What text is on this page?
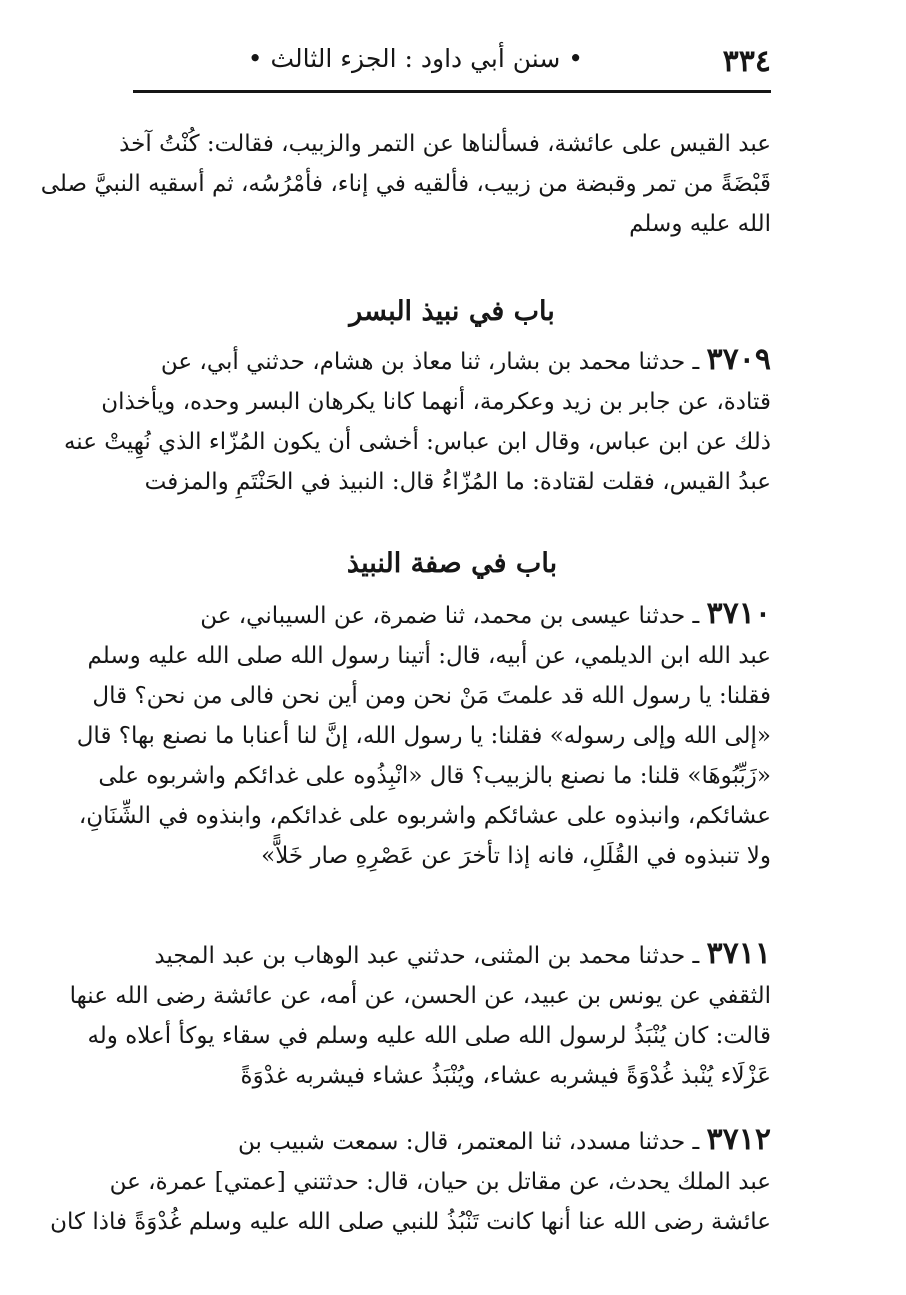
٣٣٤
• سنن أبي داود : الجزء الثالث •
عبد القيس على عائشة، فسألناها عن التمر والزبيب، فقالت: كُنْتُ آخذ
قَبْضَةً من تمر وقبضة من زبيب، فألقيه في إناء، فأمْرُسُه، ثم أسقيه النبيَّ صلى
الله عليه وسلم
باب في نبيذ البسر
٣٧٠٩ ـ حدثنا محمد بن بشار، ثنا معاذ بن هشام، حدثني أبي، عن
قتادة، عن جابر بن زيد وعكرمة، أنهما كانا يكرهان البسر وحده، ويأخذان
ذلك عن ابن عباس، وقال ابن عباس: أخشى أن يكون المُزّاء الذي نُهِيتْ عنه
عبدُ القيس، فقلت لقتادة: ما المُزّاءُ قال: النبيذ في الحَنْتَمِ والمزفت
باب في صفة النبيذ
٣٧١٠ ـ حدثنا عيسى بن محمد، ثنا ضمرة، عن السيباني، عن
عبد الله ابن الديلمي، عن أبيه، قال: أتينا رسول الله صلى الله عليه وسلم
فقلنا: يا رسول الله قد علمتَ مَنْ نحن ومن أين نحن فالى من نحن؟ قال
«إلى الله وإلى رسوله» فقلنا: يا رسول الله، إنَّ لنا أعنابا ما نصنع بها؟ قال
«زَبِّبُوهَا» قلنا: ما نصنع بالزبيب؟ قال «انْبِذُوه على غدائكم واشربوه على
عشائكم، وانبذوه على عشائكم واشربوه على غدائكم، وابنذوه في الشِّنَانِ،
ولا تنبذوه في القُلَلِ، فانه إذا تأخرَ عن عَصْرِهِ صار خَلاًّ»
٣٧١١ ـ حدثنا محمد بن المثنى، حدثني عبد الوهاب بن عبد المجيد
الثقفي عن يونس بن عبيد، عن الحسن، عن أمه، عن عائشة رضى الله عنها
قالت: كان يُنْبَذُ لرسول الله صلى الله عليه وسلم في سقاء يوكأ أعلاه وله
عَزْلَاء يُنْبذ غُدْوَةً فيشربه عشاء، ويُنْبَذُ عشاء فيشربه غدْوَةً
٣٧١٢ ـ حدثنا مسدد، ثنا المعتمر، قال: سمعت شبيب بن
عبد الملك يحدث، عن مقاتل بن حيان، قال: حدثتني [عمتي] عمرة، عن
عائشة رضى الله عنا أنها كانت تَنْبُذُ للنبي صلى الله عليه وسلم غُدْوَةً فاذا كان
